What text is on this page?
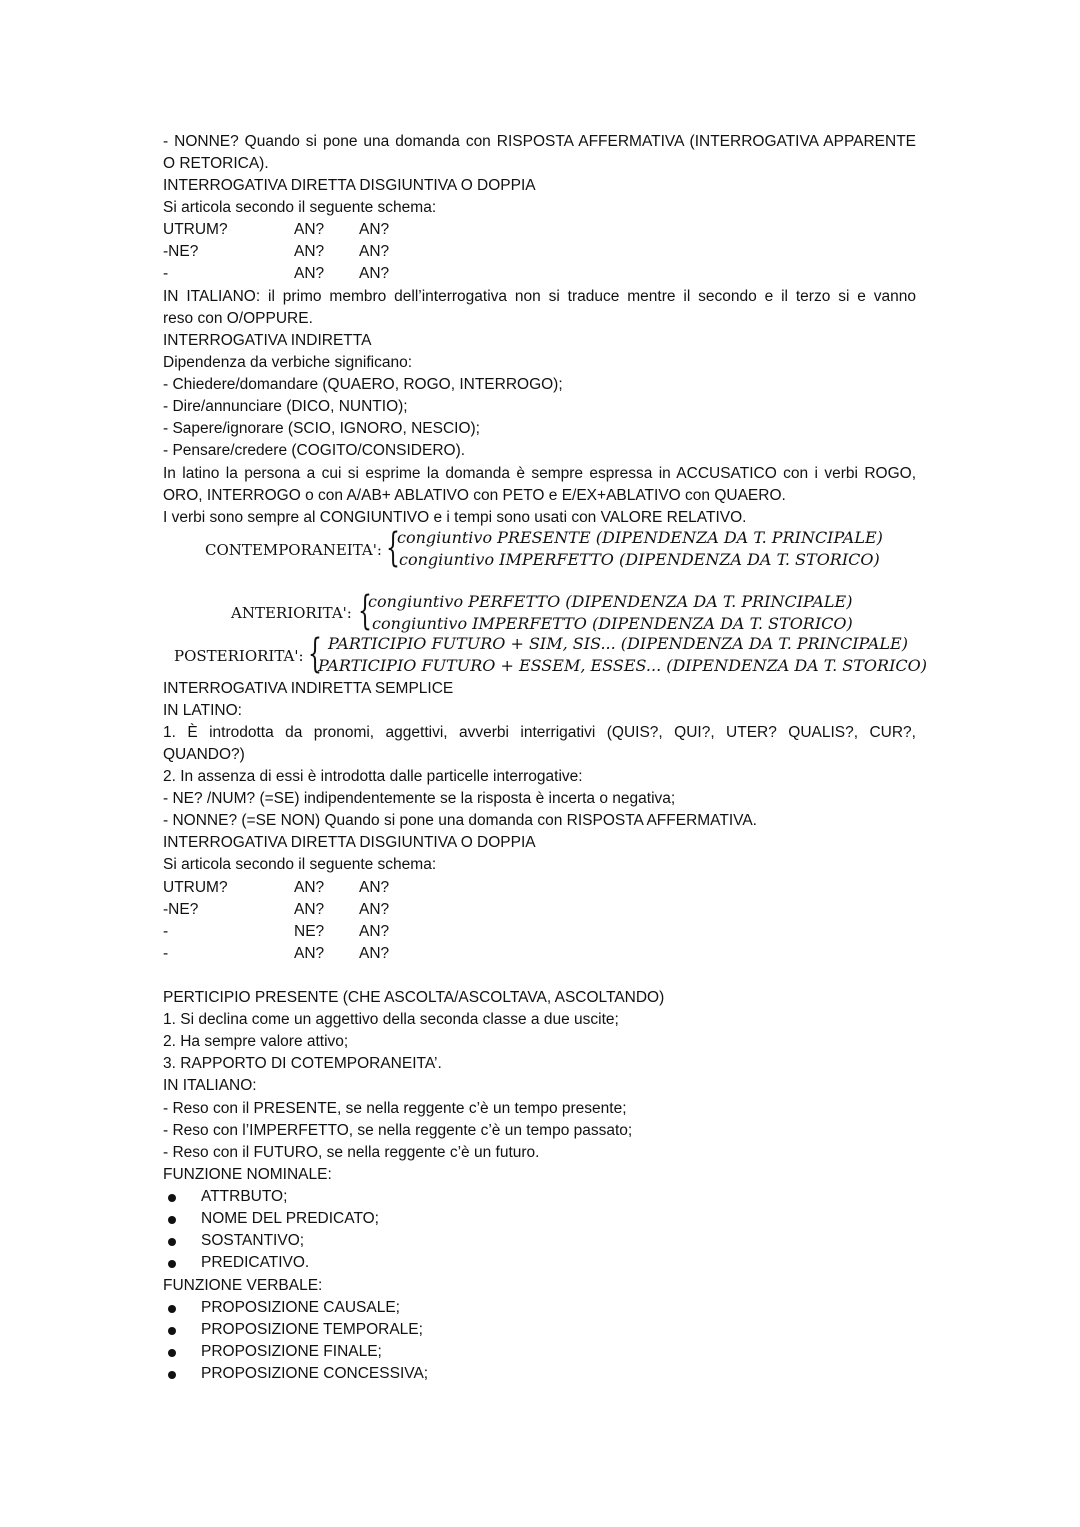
- NONNE? Quando si pone una domanda con RISPOSTA AFFERMATIVA (INTERROGATIVA APPARENTE
O RETORICA).
INTERROGATIVA DIRETTA DISGIUNTIVA O DOPPIA
Si articola secondo il seguente schema:
UTRUM?	AN? AN?
-NE?	AN? AN?
-	AN? AN?
IN ITALIANO: il primo membro dell’interrogativa non si traduce mentre il secondo e il terzo si e vanno
reso con O/OPPURE.
INTERROGATIVA INDIRETTA
Dipendenza da verbiche significano:
- Chiedere/domandare (QUAERO, ROGO, INTERROGO);
- Dire/annunciare (DICO, NUNTIO);
- Sapere/ignorare (SCIO, IGNORO, NESCIO);
- Pensare/credere (COGITO/CONSIDERO).
In latino la persona a cui si esprime la domanda è sempre espressa in ACCUSATICO con i verbi ROGO,
ORO, INTERROGO o con A/AB+ ABLATIVO con PETO e E/EX+ABLATIVO con QUAERO.
I verbi sono sempre al CONGIUNTIVO e i tempi sono usati con VALORE RELATIVO.
CONTEMPORANEITA': {
congiuntivo PRESENTE (DIPENDENZA DA T. PRINCIPALE)
congiuntivo IMPERFETTO (DIPENDENZA DA T. STORICO)
ANTERIORITA': {
congiuntivo PERFETTO (DIPENDENZA DA T. PRINCIPALE)
congiuntivo IMPERFETTO (DIPENDENZA DA T. STORICO)
POSTERIORITA': { PARTICIPIO FUTURO + SIM, SIS... (DIPENDENZA DA T. PRINCIPALE)
PARTICIPIO FUTURO + ESSEM, ESSES... (DIPENDENZA DA T. STORICO)
INTERROGATIVA INDIRETTA SEMPLICE
IN LATINO:
1. È introdotta da pronomi, aggettivi, avverbi interrigativi (QUIS?, QUI?, UTER? QUALIS?, CUR?,
QUANDO?)
2. In assenza di essi è introdotta dalle particelle interrogative:
- NE? /NUM? (=SE) indipendentemente se la risposta è incerta o negativa;
- NONNE? (=SE NON) Quando si pone una domanda con RISPOSTA AFFERMATIVA.
INTERROGATIVA DIRETTA DISGIUNTIVA O DOPPIA
Si articola secondo il seguente schema:
UTRUM?	AN? AN?
-NE?	AN? AN?
-	NE? AN?
-	AN? AN?
PERTICIPIO PRESENTE (CHE ASCOLTA/ASCOLTAVA, ASCOLTANDO)
1. Si declina come un aggettivo della seconda classe a due uscite;
2. Ha sempre valore attivo;
3. RAPPORTO DI COTEMPORANEITA’.
IN ITALIANO:
- Reso con il PRESENTE, se nella reggente c’è un tempo presente;
- Reso con l’IMPERFETTO, se nella reggente c’è un tempo passato;
- Reso con il FUTURO, se nella reggente c’è un futuro.
FUNZIONE NOMINALE:
ATTRBUTO;
NOME DEL PREDICATO;
SOSTANTIVO;
PREDICATIVO.
FUNZIONE VERBALE:
PROPOSIZIONE CAUSALE;
PROPOSIZIONE TEMPORALE;
PROPOSIZIONE FINALE;
PROPOSIZIONE CONCESSIVA;
